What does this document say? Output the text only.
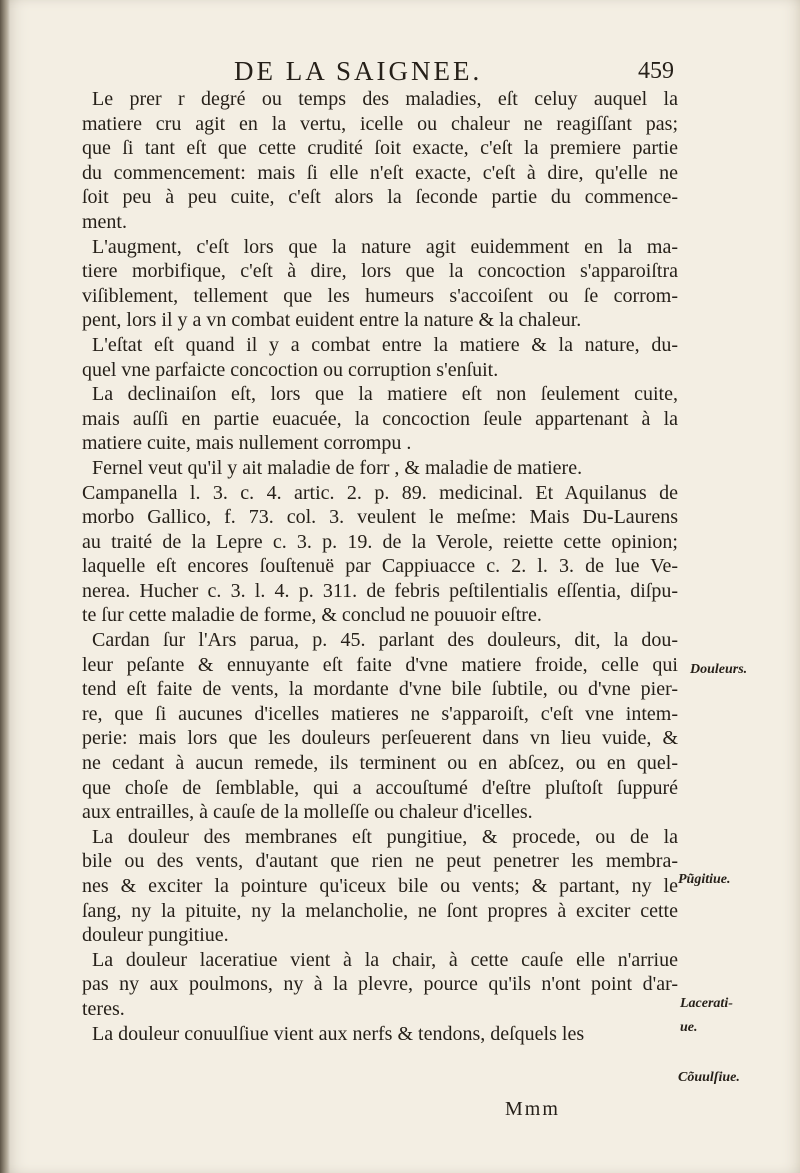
DE LA SAIGNEE.	459
Le prer r degré ou temps des maladies, eſt celuy auquel la
matiere cru agit en la vertu, icelle ou chaleur ne reagiſſant pas;
que ſi tant eſt que cette crudité ſoit exacte, c'eſt la premiere partie
du commencement: mais ſi elle n'eſt exacte, c'eſt à dire, qu'elle ne
ſoit peu à peu cuite, c'eſt alors la ſeconde partie du commence-
ment.
L'augment, c'eſt lors que la nature agit euidemment en la ma-
tiere morbifique, c'eſt à dire, lors que la concoction s'apparoiſtra
viſiblement, tellement que les humeurs s'accoiſent ou ſe corrom-
pent, lors il y a vn combat euident entre la nature & la chaleur.
L'eſtat eſt quand il y a combat entre la matiere & la nature, du-
quel vne parfaicte concoction ou corruption s'enſuit.
La declinaiſon eſt, lors que la matiere eſt non ſeulement cuite,
mais auſſi en partie euacuée, la concoction ſeule appartenant à la
matiere cuite, mais nullement corrompu .
Fernel veut qu'il y ait maladie de forr , & maladie de matiere.
Campanella l. 3. c. 4. artic. 2. p. 89. medicinal. Et Aquilanus de
morbo Gallico, f. 73. col. 3. veulent le meſme: Mais Du-Laurens
au traité de la Lepre c. 3. p. 19. de la Verole, reiette cette opinion;
laquelle eſt encores ſouſtenuë par Cappiuacce c. 2. l. 3. de lue Ve-
nerea. Hucher c. 3. l. 4. p. 311. de febris peſtilentialis eſſentia, diſpu-
te ſur cette maladie de forme, & conclud ne pouuoir eſtre.
Cardan ſur l'Ars parua, p. 45. parlant des douleurs, dit, la dou-
leur peſante & ennuyante eſt faite d'vne matiere froide, celle qui
tend eſt faite de vents, la mordante d'vne bile ſubtile, ou d'vne pier-
re, que ſi aucunes d'icelles matieres ne s'apparoiſt, c'eſt vne intem-
perie: mais lors que les douleurs perſeuerent dans vn lieu vuide, &
ne cedant à aucun remede, ils terminent ou en abſcez, ou en quel-
que choſe de ſemblable, qui a accouſtumé d'eſtre pluſtoſt ſuppuré
aux entrailles, à cauſe de la molleſſe ou chaleur d'icelles.
La douleur des membranes eſt pungitiue, & procede, ou de la
bile ou des vents, d'autant que rien ne peut penetrer les membra-
nes & exciter la pointure qu'iceux bile ou vents; & partant, ny le
ſang, ny la pituite, ny la melancholie, ne ſont propres à exciter cette
douleur pungitiue.
La douleur laceratiue vient à la chair, à cette cauſe elle n'arriue
pas ny aux poulmons, ny à la plevre, pource qu'ils n'ont point d'ar-
teres.
La douleur conuulſiue vient aux nerfs & tendons, deſquels les
Douleurs.
Pũgitiue.
Lacerati-
ue.
Cõuulſiue.
Mmm
